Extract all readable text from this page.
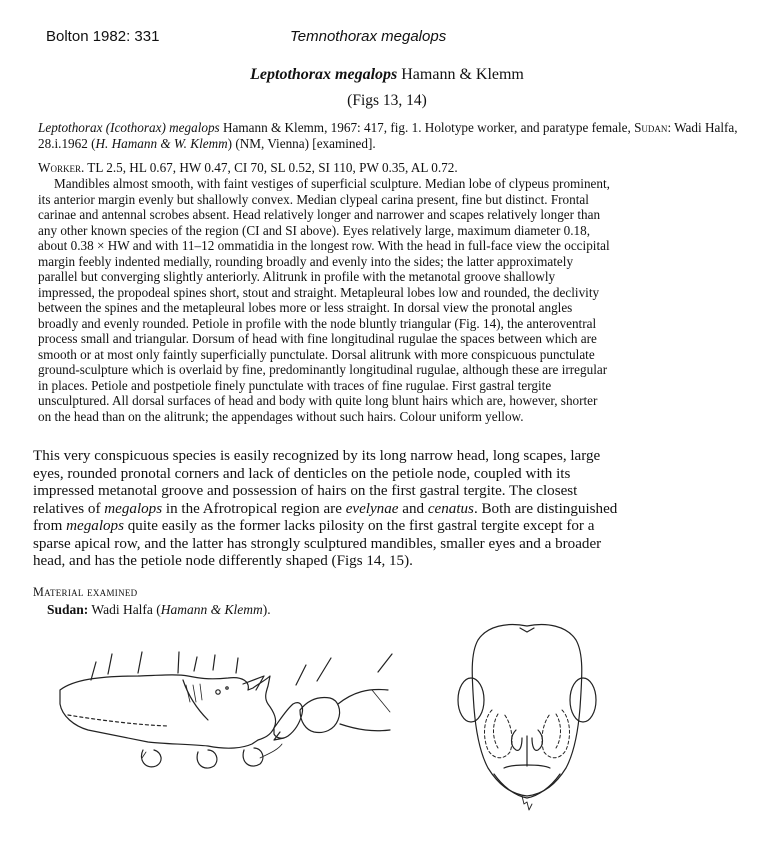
Bolton 1982: 331	Temnothorax megalops
Leptothorax megalops Hamann & Klemm
(Figs 13, 14)
Leptothorax (Icothorax) megalops Hamann & Klemm, 1967: 417, fig. 1. Holotype worker, and paratype female, Sudan: Wadi Halfa, 28.i.1962 (H. Hamann & W. Klemm) (NM, Vienna) [examined].
Worker. TL 2.5, HL 0.67, HW 0.47, CI 70, SL 0.52, SI 110, PW 0.35, AL 0.72.
Mandibles almost smooth, with faint vestiges of superficial sculpture. Median lobe of clypeus prominent,
its anterior margin evenly but shallowly convex. Median clypeal carina present, fine but distinct. Frontal
carinae and antennal scrobes absent. Head relatively longer and narrower and scapes relatively longer than
any other known species of the region (CI and SI above). Eyes relatively large, maximum diameter 0.18,
about 0.38 × HW and with 11–12 ommatidia in the longest row. With the head in full-face view the occipital
margin feebly indented medially, rounding broadly and evenly into the sides; the latter approximately
parallel but converging slightly anteriorly. Alitrunk in profile with the metanotal groove shallowly
impressed, the propodeal spines short, stout and straight. Metapleural lobes low and rounded, the declivity
between the spines and the metapleural lobes more or less straight. In dorsal view the pronotal angles
broadly and evenly rounded. Petiole in profile with the node bluntly triangular (Fig. 14), the anteroventral
process small and triangular. Dorsum of head with fine longitudinal rugulae the spaces between which are
smooth or at most only faintly superficially punctulate. Dorsal alitrunk with more conspicuous punctulate
ground-sculpture which is overlaid by fine, predominantly longitudinal rugulae, although these are irregular
in places. Petiole and postpetiole finely punctulate with traces of fine rugulae. First gastral tergite
unsculptured. All dorsal surfaces of head and body with quite long blunt hairs which are, however, shorter
on the head than on the alitrunk; the appendages without such hairs. Colour uniform yellow.
This very conspicuous species is easily recognized by its long narrow head, long scapes, large
eyes, rounded pronotal corners and lack of denticles on the petiole node, coupled with its
impressed metanotal groove and possession of hairs on the first gastral tergite. The closest
relatives of megalops in the Afrotropical region are evelynae and cenatus. Both are distinguished
from megalops quite easily as the former lacks pilosity on the first gastral tergite except for a
sparse apical row, and the latter has strongly sculptured mandibles, smaller eyes and a broader
head, and has the petiole node differently shaped (Figs 14, 15).
Material examined
Sudan: Wadi Halfa (Hamann & Klemm).
